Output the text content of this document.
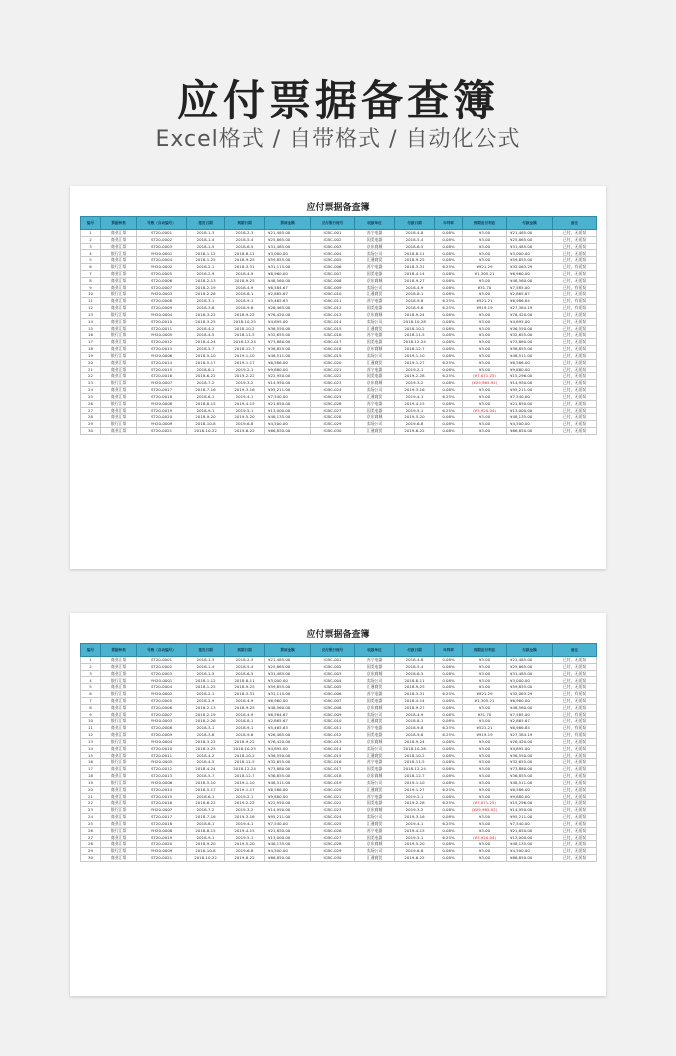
应付票据备查簿
Excel格式 / 自带格式 / 自动化公式
应付票据备查簿
编号	票据种类	号数（自动编号）	签发日期	到期日期	票面金额	兑付银行账号	收款单位	付款日期	年利率	到期应付利息	付款金额	备注
1	商业汇票	ST20-0001	2018-1-3	2018-2-3	¥21,485.00	ICBC-001	苏宁电器	2018-4-8	0.08%	¥3.00	¥21,485.00	已付，无延误
2	商业汇票	ST20-0002	2018-1-4	2018-5-4	¥25,865.00	ICBC-002	国美电器	2018-5-4	0.08%	¥3.00	¥25,865.00	已付，无延误
3	商业汇票	ST20-0003	2018-1-5	2018-6-5	¥31,485.00	ICBC-003	京东商城	2018-6-5	0.08%	¥3.00	¥31,485.00	已付，无延误
4	银行汇票	YH20-0001	2018-1-12	2018-8-11	¥3,000.00	ICBC-004	卖场公司	2018-8-11	0.08%	¥3.00	¥3,000.00	已付，无延误
5	商业汇票	ST20-0004	2018-1-25	2018-9-25	¥59,855.00	ICBC-005	汇通商贸	2018-9-25	0.08%	¥3.00	¥59,855.00	已付，无延误
6	银行汇票	YH20-0002	2018-2-1	2018-3-31	¥31,115.00	ICBC-006	苏宁电器	2018-3-31	6.25%	¥921.29	¥32,063.29	已付，有延误
7	商业汇票	ST20-0005	2018-2-9	2018-4-9	¥6,960.00	ICBC-007	国美电器	2018-4-14	0.08%	¥1,305.21	¥6,960.00	已付，无延误
8	商业汇票	ST20-0006	2018-2-13	2018-9-25	¥48,560.00	ICBC-008	京东商城	2018-9-27	0.08%	¥3.00	¥48,560.00	已付，无延误
9	商业汇票	ST20-0007	2018-2-19	2018-4-9	¥6,584.67	ICBC-009	卖场公司	2018-4-9	0.08%	¥31.70	¥7,585.00	已付，有延误
10	银行汇票	YH20-0003	2018-2-26	2018-8-1	¥2,865.67	ICBC-010	汇通商贸	2018-8-1	0.08%	¥3.00	¥2,865.67	已付，无延误
11	商业汇票	ST20-0008	2018-3-1	2018-9-1	¥5,465.63	ICBC-011	苏宁电器	2018-9-8	6.25%	¥521.21	¥6,986.84	已付，有延误
12	商业汇票	ST20-0009	2018-3-6	2018-9-6	¥26,465.00	ICBC-012	国美电器	2018-9-6	6.25%	¥919.19	¥27,384.19	已付，有延误
13	银行汇票	YH20-0004	2018-3-22	2018-9-22	¥76,420.00	ICBC-013	京东商城	2018-9-24	0.08%	¥3.00	¥76,420.00	已付，无延误
14	商业汇票	ST20-0010	2018-3-25	2018-10-25	¥4,895.00	ICBC-014	卖场公司	2018-10-28	0.08%	¥3.00	¥4,895.00	已付，无延误
15	商业汇票	ST20-0011	2018-4-2	2018-10-2	¥36,550.00	ICBC-015	汇通商贸	2018-10-2	0.08%	¥3.00	¥36,550.00	已付，无延误
16	银行汇票	YH20-0005	2018-4-5	2018-11-5	¥32,655.00	ICBC-016	苏宁电器	2018-11-5	0.08%	¥3.00	¥32,655.00	已付，无延误
17	商业汇票	ST20-0012	2018-4-24	2018-12-24	¥73,880.00	ICBC-017	国美电器	2018-12-24	0.08%	¥3.00	¥73,880.00	已付，无延误
18	商业汇票	ST20-0013	2018-5-7	2018-12-7	¥36,855.00	ICBC-018	京东商城	2018-12-7	0.08%	¥3.00	¥36,855.00	已付，无延误
19	银行汇票	YH20-0006	2018-5-10	2019-1-10	¥48,511.00	ICBC-019	卖场公司	2019-1-10	0.08%	¥3.00	¥48,511.00	已付，无延误
20	商业汇票	ST20-0014	2018-5-17	2019-1-17	¥6,586.00	ICBC-020	汇通商贸	2019-1-27	6.25%	¥3.00	¥6,586.00	已付，无延误
21	商业汇票	ST20-0015	2018-6-1	2019-2-1	¥9,880.00	ICBC-021	苏宁电器	2019-2-1	0.08%	¥3.00	¥9,880.00	已付，无延误
22	商业汇票	ST20-0016	2018-6-22	2019-2-22	¥22,950.00	ICBC-022	国美电器	2019-2-28	6.25%	(¥7,071.25)	¥15,296.00	已付，无延误
23	银行汇票	YH20-0007	2018-7-2	2019-3-2	¥14,950.00	ICBC-023	京东商城	2019-3-2	0.08%	(¥29,965.92)	¥14,950.00	已付，无延误
24	商业汇票	ST20-0017	2018-7-16	2019-3-16	¥95,211.00	ICBC-024	卖场公司	2019-3-16	0.08%	¥3.00	¥95,211.00	已付，无延误
25	商业汇票	ST20-0018	2018-8-1	2019-4-1	¥7,540.00	ICBC-025	汇通商贸	2019-4-1	6.25%	¥3.00	¥7,540.00	已付，无延误
26	银行汇票	YH20-0008	2018-8-15	2019-4-15	¥21,850.00	ICBC-026	苏宁电器	2019-4-15	0.08%	¥3.00	¥21,850.00	已付，无延误
27	商业汇票	ST20-0019	2018-9-1	2019-5-1	¥13,000.00	ICBC-027	国美电器	2019-5-1	6.25%	(¥3,920.04)	¥13,000.00	已付，无延误
28	商业汇票	ST20-0020	2018-9-20	2019-5-20	¥48,135.00	ICBC-028	京东商城	2019-5-20	0.08%	¥3.00	¥48,135.00	已付，无延误
29	银行汇票	YH20-0009	2018-10-8	2019-6-8	¥4,500.00	ICBC-029	卖场公司	2019-6-8	0.08%	¥3.00	¥4,500.00	已付，无延误
30	商业汇票	ST20-0021	2018-10-22	2019-6-22	¥66,850.00	ICBC-030	汇通商贸	2019-6-22	0.08%	¥3.00	¥66,850.00	已付，无延误
应付票据备查簿
编号	票据种类	号数（自动编号）	签发日期	到期日期	票面金额	兑付银行账号	收款单位	付款日期	年利率	到期应付利息	付款金额	备注
1	商业汇票	ST20-0001	2018-1-3	2018-2-3	¥21,485.00	ICBC-001	苏宁电器	2018-4-8	0.08%	¥3.00	¥21,485.00	已付，无延误
2	商业汇票	ST20-0002	2018-1-4	2018-5-4	¥25,865.00	ICBC-002	国美电器	2018-5-4	0.08%	¥3.00	¥25,865.00	已付，无延误
3	商业汇票	ST20-0003	2018-1-5	2018-6-5	¥31,485.00	ICBC-003	京东商城	2018-6-5	0.08%	¥3.00	¥31,485.00	已付，无延误
4	银行汇票	YH20-0001	2018-1-12	2018-8-11	¥3,000.00	ICBC-004	卖场公司	2018-8-11	0.08%	¥3.00	¥3,000.00	已付，无延误
5	商业汇票	ST20-0004	2018-1-25	2018-9-25	¥59,855.00	ICBC-005	汇通商贸	2018-9-25	0.08%	¥3.00	¥59,855.00	已付，无延误
6	银行汇票	YH20-0002	2018-2-1	2018-3-31	¥31,115.00	ICBC-006	苏宁电器	2018-3-31	6.25%	¥921.29	¥32,063.29	已付，有延误
7	商业汇票	ST20-0005	2018-2-9	2018-4-9	¥6,960.00	ICBC-007	国美电器	2018-4-14	0.08%	¥1,305.21	¥6,960.00	已付，无延误
8	商业汇票	ST20-0006	2018-2-13	2018-9-25	¥48,560.00	ICBC-008	京东商城	2018-9-27	0.08%	¥3.00	¥48,560.00	已付，无延误
9	商业汇票	ST20-0007	2018-2-19	2018-4-9	¥6,584.67	ICBC-009	卖场公司	2018-4-9	0.08%	¥31.70	¥7,585.00	已付，有延误
10	银行汇票	YH20-0003	2018-2-26	2018-8-1	¥2,865.67	ICBC-010	汇通商贸	2018-8-1	0.08%	¥3.00	¥2,865.67	已付，无延误
11	商业汇票	ST20-0008	2018-3-1	2018-9-1	¥5,465.63	ICBC-011	苏宁电器	2018-9-8	6.25%	¥521.21	¥6,986.84	已付，有延误
12	商业汇票	ST20-0009	2018-3-6	2018-9-6	¥26,465.00	ICBC-012	国美电器	2018-9-6	6.25%	¥919.19	¥27,384.19	已付，有延误
13	银行汇票	YH20-0004	2018-3-22	2018-9-22	¥76,420.00	ICBC-013	京东商城	2018-9-24	0.08%	¥3.00	¥76,420.00	已付，无延误
14	商业汇票	ST20-0010	2018-3-25	2018-10-25	¥4,895.00	ICBC-014	卖场公司	2018-10-28	0.08%	¥3.00	¥4,895.00	已付，无延误
15	商业汇票	ST20-0011	2018-4-2	2018-10-2	¥36,550.00	ICBC-015	汇通商贸	2018-10-2	0.08%	¥3.00	¥36,550.00	已付，无延误
16	银行汇票	YH20-0005	2018-4-5	2018-11-5	¥32,655.00	ICBC-016	苏宁电器	2018-11-5	0.08%	¥3.00	¥32,655.00	已付，无延误
17	商业汇票	ST20-0012	2018-4-24	2018-12-24	¥73,880.00	ICBC-017	国美电器	2018-12-24	0.08%	¥3.00	¥73,880.00	已付，无延误
18	商业汇票	ST20-0013	2018-5-7	2018-12-7	¥36,855.00	ICBC-018	京东商城	2018-12-7	0.08%	¥3.00	¥36,855.00	已付，无延误
19	银行汇票	YH20-0006	2018-5-10	2019-1-10	¥48,511.00	ICBC-019	卖场公司	2019-1-10	0.08%	¥3.00	¥48,511.00	已付，无延误
20	商业汇票	ST20-0014	2018-5-17	2019-1-17	¥6,586.00	ICBC-020	汇通商贸	2019-1-27	6.25%	¥3.00	¥6,586.00	已付，无延误
21	商业汇票	ST20-0015	2018-6-1	2019-2-1	¥9,880.00	ICBC-021	苏宁电器	2019-2-1	0.08%	¥3.00	¥9,880.00	已付，无延误
22	商业汇票	ST20-0016	2018-6-22	2019-2-22	¥22,950.00	ICBC-022	国美电器	2019-2-28	6.25%	(¥7,071.25)	¥15,296.00	已付，无延误
23	银行汇票	YH20-0007	2018-7-2	2019-3-2	¥14,950.00	ICBC-023	京东商城	2019-3-2	0.08%	(¥29,965.92)	¥14,950.00	已付，无延误
24	商业汇票	ST20-0017	2018-7-16	2019-3-16	¥95,211.00	ICBC-024	卖场公司	2019-3-16	0.08%	¥3.00	¥95,211.00	已付，无延误
25	商业汇票	ST20-0018	2018-8-1	2019-4-1	¥7,540.00	ICBC-025	汇通商贸	2019-4-1	6.25%	¥3.00	¥7,540.00	已付，无延误
26	银行汇票	YH20-0008	2018-8-15	2019-4-15	¥21,850.00	ICBC-026	苏宁电器	2019-4-15	0.08%	¥3.00	¥21,850.00	已付，无延误
27	商业汇票	ST20-0019	2018-9-1	2019-5-1	¥13,000.00	ICBC-027	国美电器	2019-5-1	6.25%	(¥3,920.04)	¥13,000.00	已付，无延误
28	商业汇票	ST20-0020	2018-9-20	2019-5-20	¥48,135.00	ICBC-028	京东商城	2019-5-20	0.08%	¥3.00	¥48,135.00	已付，无延误
29	银行汇票	YH20-0009	2018-10-8	2019-6-8	¥4,500.00	ICBC-029	卖场公司	2019-6-8	0.08%	¥3.00	¥4,500.00	已付，无延误
30	商业汇票	ST20-0021	2018-10-22	2019-6-22	¥66,850.00	ICBC-030	汇通商贸	2019-6-22	0.08%	¥3.00	¥66,850.00	已付，无延误
